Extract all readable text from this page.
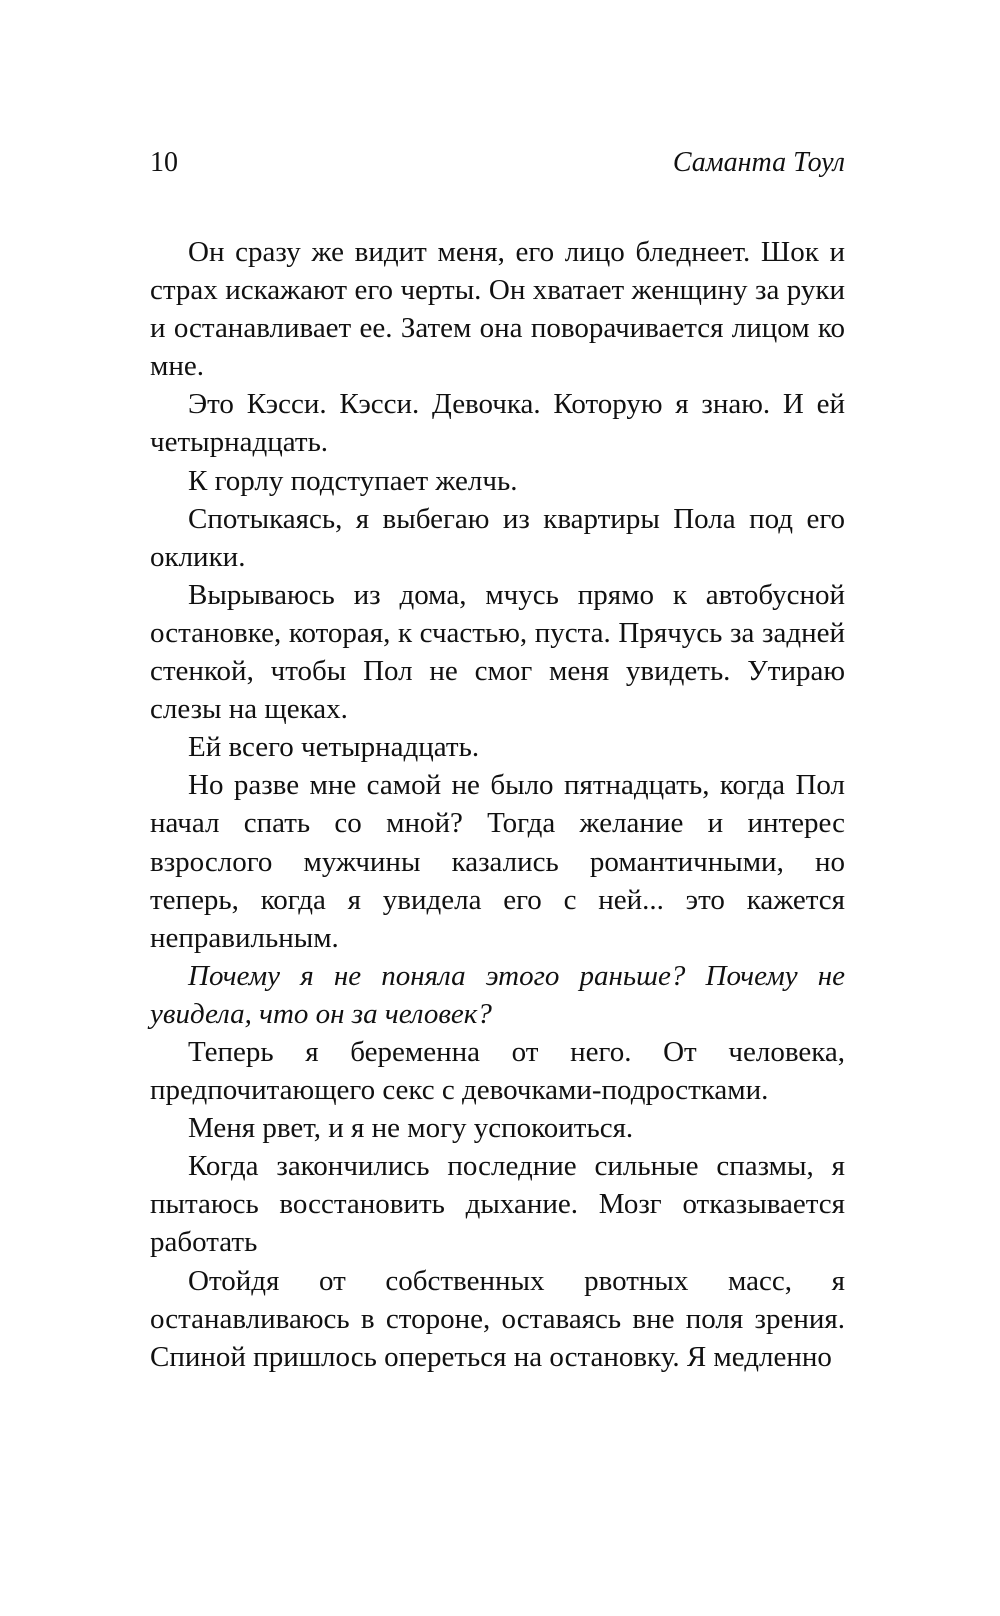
10	Саманта Тоул

Он сразу же видит меня, его лицо бледнеет. Шок и страх искажают его черты. Он хватает женщину за руки и останавливает ее. Затем она поворачивается лицом ко мне.

Это Кэсси. Кэсси. Девочка. Которую я знаю. И ей четырнадцать.

К горлу подступает желчь.

Спотыкаясь, я выбегаю из квартиры Пола под его оклики.

Вырываюсь из дома, мчусь прямо к автобусной остановке, которая, к счастью, пуста. Прячусь за задней стенкой, чтобы Пол не смог меня увидеть. Утираю слезы на щеках.

Ей всего четырнадцать.

Но разве мне самой не было пятнадцать, когда Пол начал спать со мной? Тогда желание и интерес взрослого мужчины казались романтичными, но теперь, когда я увидела его с ней... это кажется неправильным.

Почему я не поняла этого раньше? Почему не увидела, что он за человек?

Теперь я беременна от него. От человека, предпочитающего секс с девочками-подростками.

Меня рвет, и я не могу успокоиться.

Когда закончились последние сильные спазмы, я пытаюсь восстановить дыхание. Мозг отказывается работать

Отойдя от собственных рвотных масс, я останавливаюсь в стороне, оставаясь вне поля зрения. Спиной пришлось опереться на остановку. Я медленно
